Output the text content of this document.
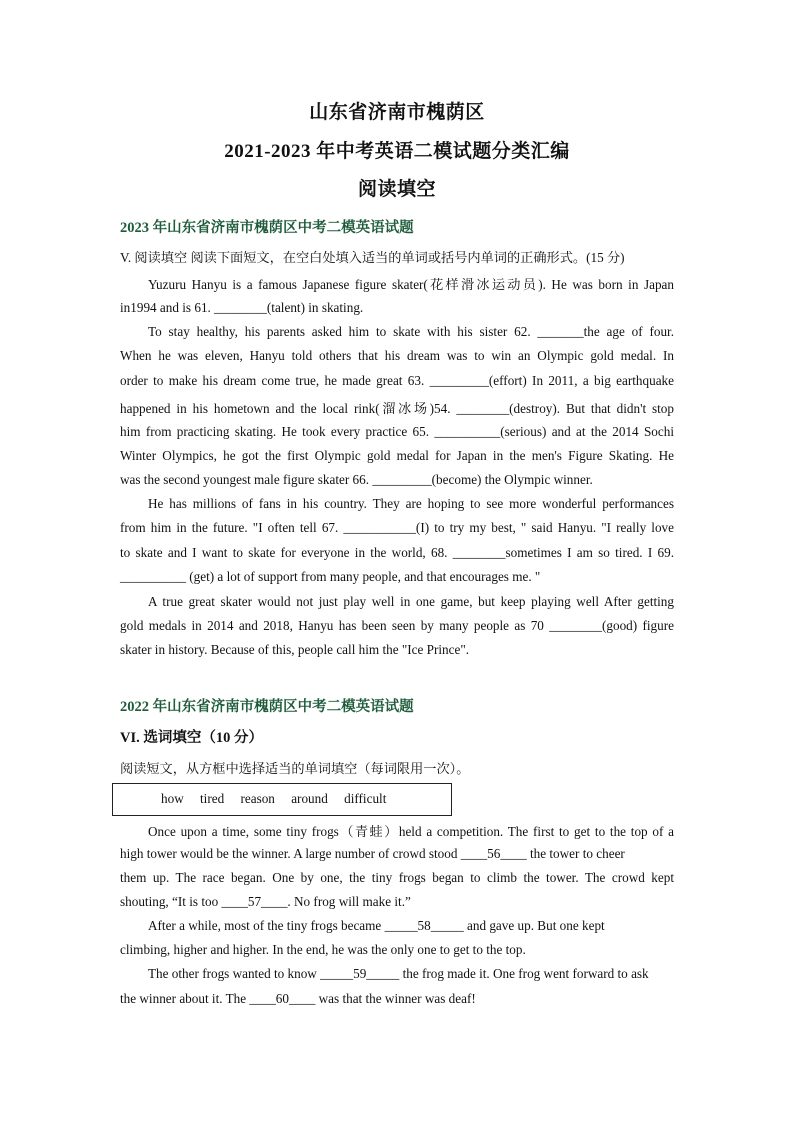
山东省济南市槐荫区
2021-2023 年中考英语二模试题分类汇编
阅读填空
2023 年山东省济南市槐荫区中考二模英语试题
V. 阅读填空 阅读下面短文，在空白处填入适当的单词或括号内单词的正确形式。(15 分)
Yuzuru Hanyu is a famous Japanese figure skater(花样滑冰运动员). He was born in Japan
in1994 and is 61. ________(talent) in skating.
To stay healthy, his parents asked him to skate with his sister 62. _______the age of four.
When he was eleven, Hanyu told others that his dream was to win an Olympic gold medal. In
order to make his dream come true, he made great 63. _________(effort) In 2011, a big earthquake
happened in his hometown and the local rink(溜冰场)54. ________(destroy). But that didn't stop
him from practicing skating. He took every practice 65. __________(serious) and at the 2014 Sochi
Winter Olympics, he got the first Olympic gold medal for Japan in the men's Figure Skating. He
was the second youngest male figure skater 66. _________(become) the Olympic winner.
He has millions of fans in his country. They are hoping to see more wonderful performances
from him in the future. "I often tell 67. ___________(I) to try my best, " said Hanyu. "I really love
to skate and I want to skate for everyone in the world, 68. ________sometimes I am so tired. I 69.
__________ (get) a lot of support from many people, and that encourages me. "
A true great skater would not just play well in one game, but keep playing well After getting
gold medals in 2014 and 2018, Hanyu has been seen by many people as 70 ________(good) figure
skater in history. Because of this, people call him the "Ice Prince".
2022 年山东省济南市槐荫区中考二模英语试题
VI. 选词填空（10 分）
阅读短文，从方框中选择适当的单词填空（每词限用一次）。
how tired reason around difficult
Once upon a time, some tiny frogs（青蛙）held a competition. The first to get to the top of a
high tower would be the winner. A large number of crowd stood ____56____ the tower to cheer
them up. The race began. One by one, the tiny frogs began to climb the tower. The crowd kept
shouting, “It is too ____57____. No frog will make it.”
After a while, most of the tiny frogs became _____58_____ and gave up. But one kept
climbing, higher and higher. In the end, he was the only one to get to the top.
The other frogs wanted to know _____59_____ the frog made it. One frog went forward to ask
the winner about it. The ____60____ was that the winner was deaf!
